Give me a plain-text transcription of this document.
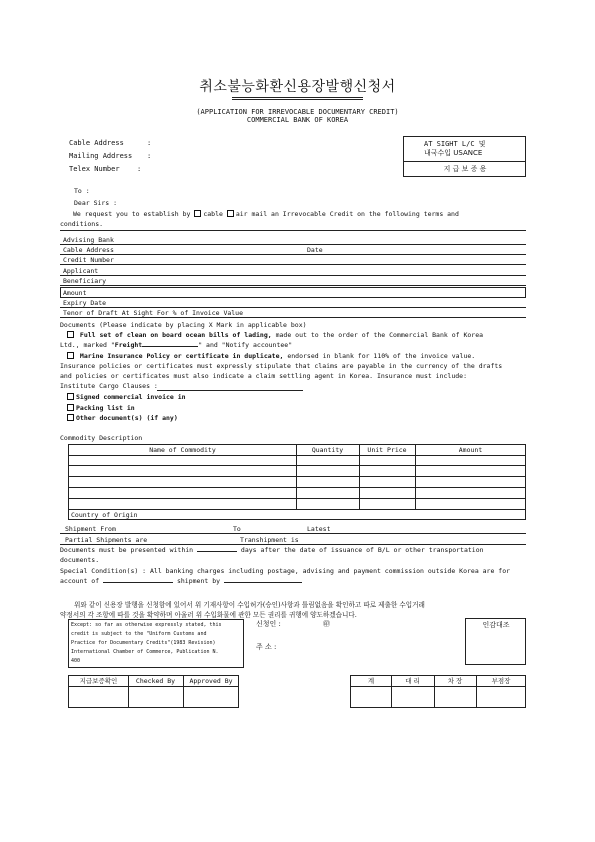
취소불능화환신용장발행신청서
(APPLICATION FOR IRREVOCABLE DOCUMENTARY CREDIT)
COMMERCIAL BANK OF KOREA
Cable Address	:
Mailing Address :
Telex Number :
AT SIGHT L/C 및
내국수입 USANCE
지 급 보 증 용
To :
Dear Sirs :
We request you to establish by cable air mail an Irrevocable Credit on the following terms and
conditions.
Advising Bank
Cable Address	Date
Credit Number
Applicant
Beneficiary
Amount
Expiry Date
Tenor of Draft At Sight For % of Invoice Value
Documents (Please indicate by placing X Mark in applicable box)
Full set of clean on board ocean bills of lading, made out to the order of the Commercial Bank of Korea
Ltd., marked "Freight	" and "Notify accountee"
Marine Insurance Policy or certificate in duplicate, endorsed in blank for 110% of the invoice value.
Insurance policies or certificates must expressly stipulate that claims are payable in the currency of the drafts
and policies or certificates must also indicate a claim settling agent in Korea. Insurance must include:
Institute Cargo Clauses :
Signed commercial invoice in
Packing list in
Other document(s) (if any)
Commodity Description
Name of Commodity	Quantity	Unit Price	Amount
Country of Origin
Shipment From	To	Latest
Partial Shipments are	Transhipment is
Documents must be presented within	days after the date of issuance of B/L or other transportation
documents.
Special Condition(s) : All banking charges including postage, advising and payment commission outside Korea are for
account of	shipment by
위와 같이 신용장 발행을 신청함에 있어서 위 기재사항이 수입허가(승인)사항과 틀림없음을 확인하고 따로 제출한 수입거래
약정서의 각 조항에 따를 것을 확약하며 아울러 위 수입화물에 관한 모든 권리를 귀행에 양도하겠습니다.
Except: so far as otherwise expressly stated, this
credit is subject to the "Uniform Customs and
Practice for Documentary Credits"(1983 Revision)
International Chamber of Commerce, Publication N.
400
신청인 :	㊞
주 소 :
인감대조
지급보증확인	Checked By	Approved By	계	대 리	차 장	부점장
